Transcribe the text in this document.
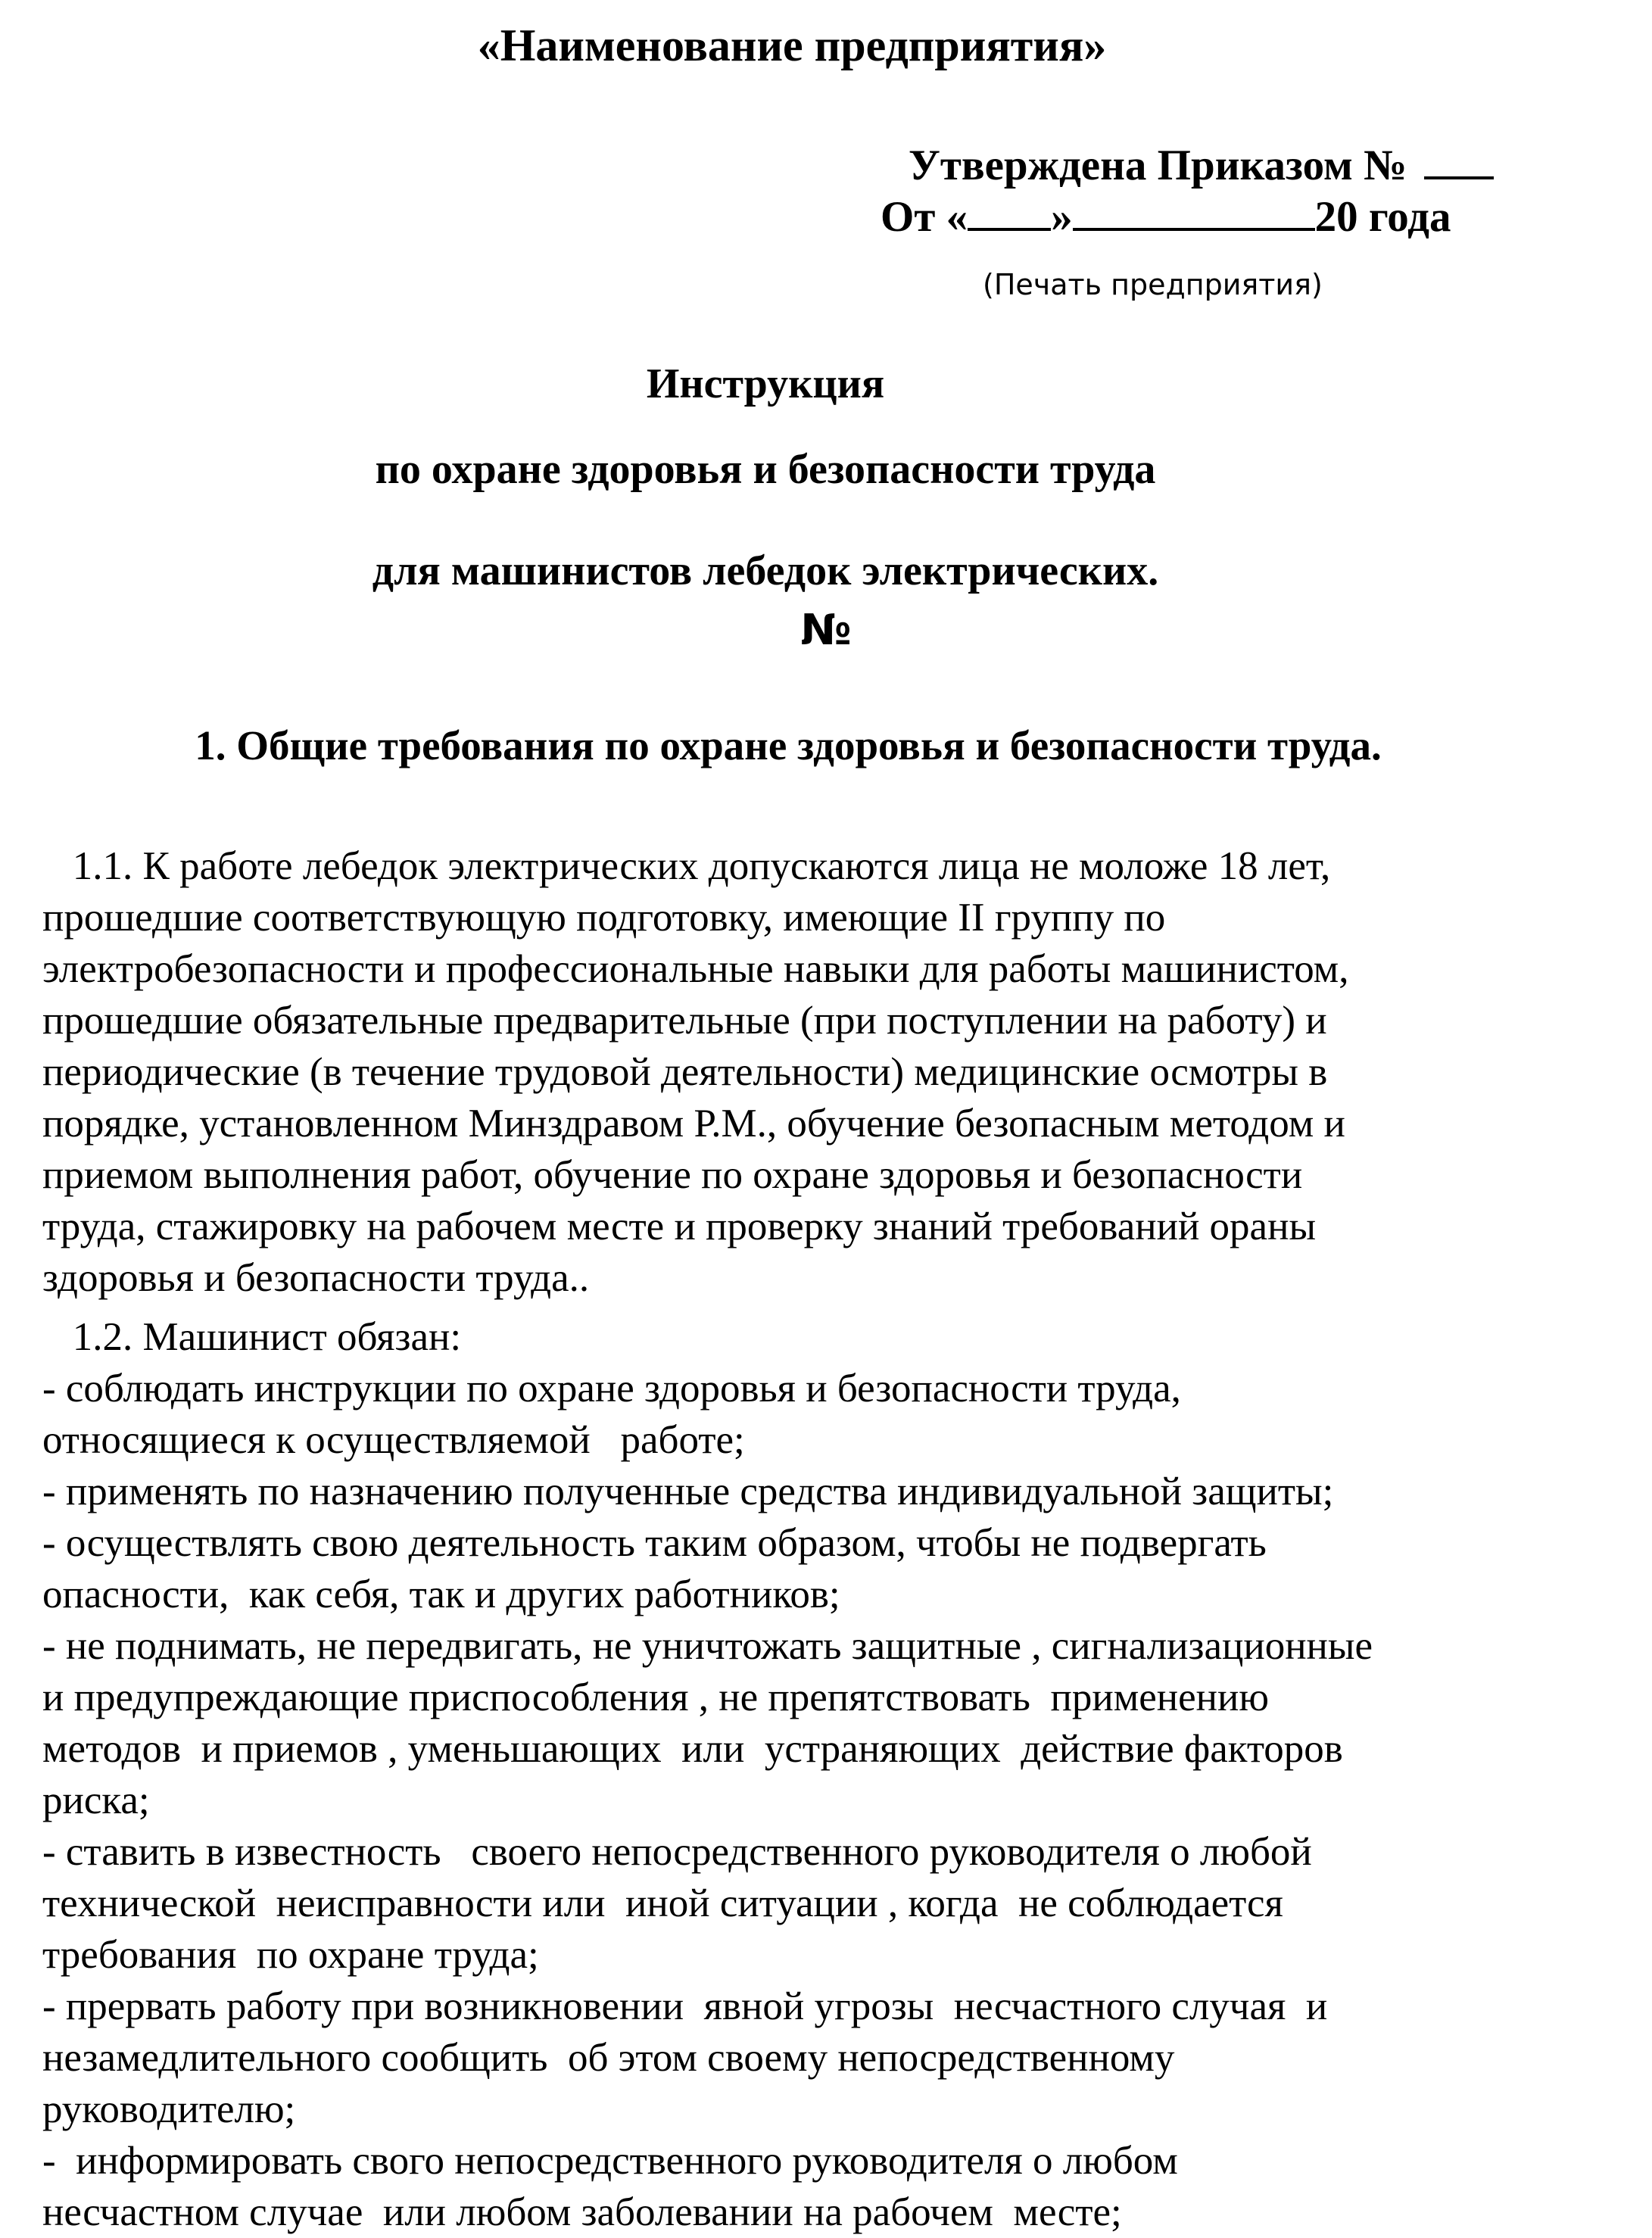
«Наименование предприятия»
Утверждена Приказом №
От « »	20 года
(Печать предприятия)
Инструкция
по охране здоровья и безопасности труда
для машинистов лебедок электрических.
№
1. Общие требования по охране здоровья и безопасности труда.
1.1. К работе лебедок электрических допускаются лица не моложе 18 лет,
прошедшие соответствующую подготовку, имеющие II группу по
электробезопасности и профессиональные навыки для работы машинистом,
прошедшие обязательные предварительные (при поступлении на работу) и
периодические (в течение трудовой деятельности) медицинские осмотры в
порядке, установленном Минздравом Р.М., обучение безопасным методом и
приемом выполнения работ, обучение по охране здоровья и безопасности
труда, стажировку на рабочем месте и проверку знаний требований ораны
здоровья и безопасности труда..
1.2. Машинист обязан:
- соблюдать инструкции по охране здоровья и безопасности труда,
относящиеся к осуществляемой   работе;
- применять по назначению полученные средства индивидуальной защиты;
- осуществлять свою деятельность таким образом, чтобы не подвергать
опасности,  как себя, так и других работников;
- не поднимать, не передвигать, не уничтожать защитные , сигнализационные
и предупреждающие приспособления , не препятствовать  применению
методов  и приемов , уменьшающих  или  устраняющих  действие факторов
риска;
- ставить в известность   своего непосредственного руководителя о любой
технической  неисправности или  иной ситуации , когда  не соблюдается
требования  по охране труда;
- прервать работу при возникновении  явной угрозы  несчастного случая  и
незамедлительного сообщить  об этом своему непосредственному
руководителю;
-  информировать свого непосредственного руководителя о любом
несчастном случае  или любом заболевании на рабочем  месте;
